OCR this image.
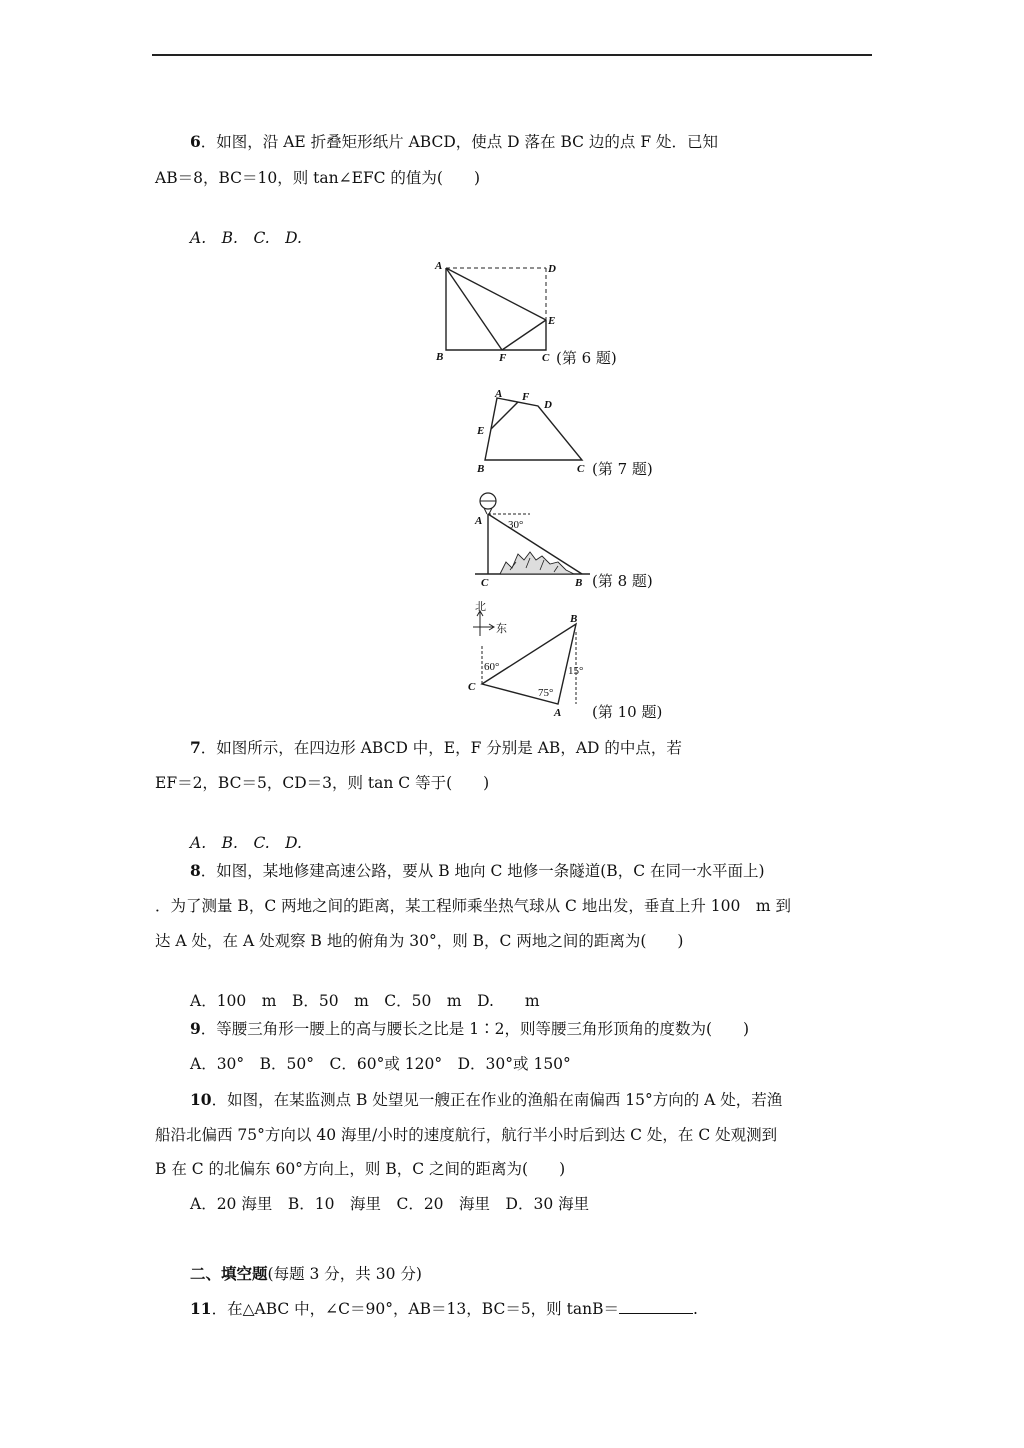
6．如图，沿 AE 折叠矩形纸片 ABCD，使点 D 落在 BC 边的点 F 处．已知
AB＝8，BC＝10，则 tan∠EFC 的值为(　　)
A.　B.　C.　D.
A	D
E
B	F	C (第 6 题)
A F
D
E
B	C (第 7 题)
A 30°
C	B (第 8 题)
北
东
B
C
A
60°
75°
15°
(第 10 题)
7．如图所示，在四边形 ABCD 中，E，F 分别是 AB，AD 的中点，若
EF＝2，BC＝5，CD＝3，则 tan C 等于(　　)
A.　B.　C.　D.
8．如图，某地修建高速公路，要从 B 地向 C 地修一条隧道(B，C 在同一水平面上)
．为了测量 B，C 两地之间的距离，某工程师乘坐热气球从 C 地出发，垂直上升 100　m 到
达 A 处，在 A 处观察 B 地的俯角为 30°，则 B，C 两地之间的距离为(　　)
A．100　m　B．50　m　C．50　m　D.　　m
9．等腰三角形一腰上的高与腰长之比是 1∶2，则等腰三角形顶角的度数为(　　)
A．30°　B．50°　C．60°或 120°　D．30°或 150°
10．如图，在某监测点 B 处望见一艘正在作业的渔船在南偏西 15°方向的 A 处，若渔
船沿北偏西 75°方向以 40 海里/小时的速度航行，航行半小时后到达 C 处，在 C 处观测到
B 在 C 的北偏东 60°方向上，则 B，C 之间的距离为(　　)
A．20 海里　B．10　海里　C．20　海里　D．30 海里
二、填空题(每题 3 分，共 30 分)
11．在△ABC 中，∠C＝90°，AB＝13，BC＝5，则 tanB＝	.
